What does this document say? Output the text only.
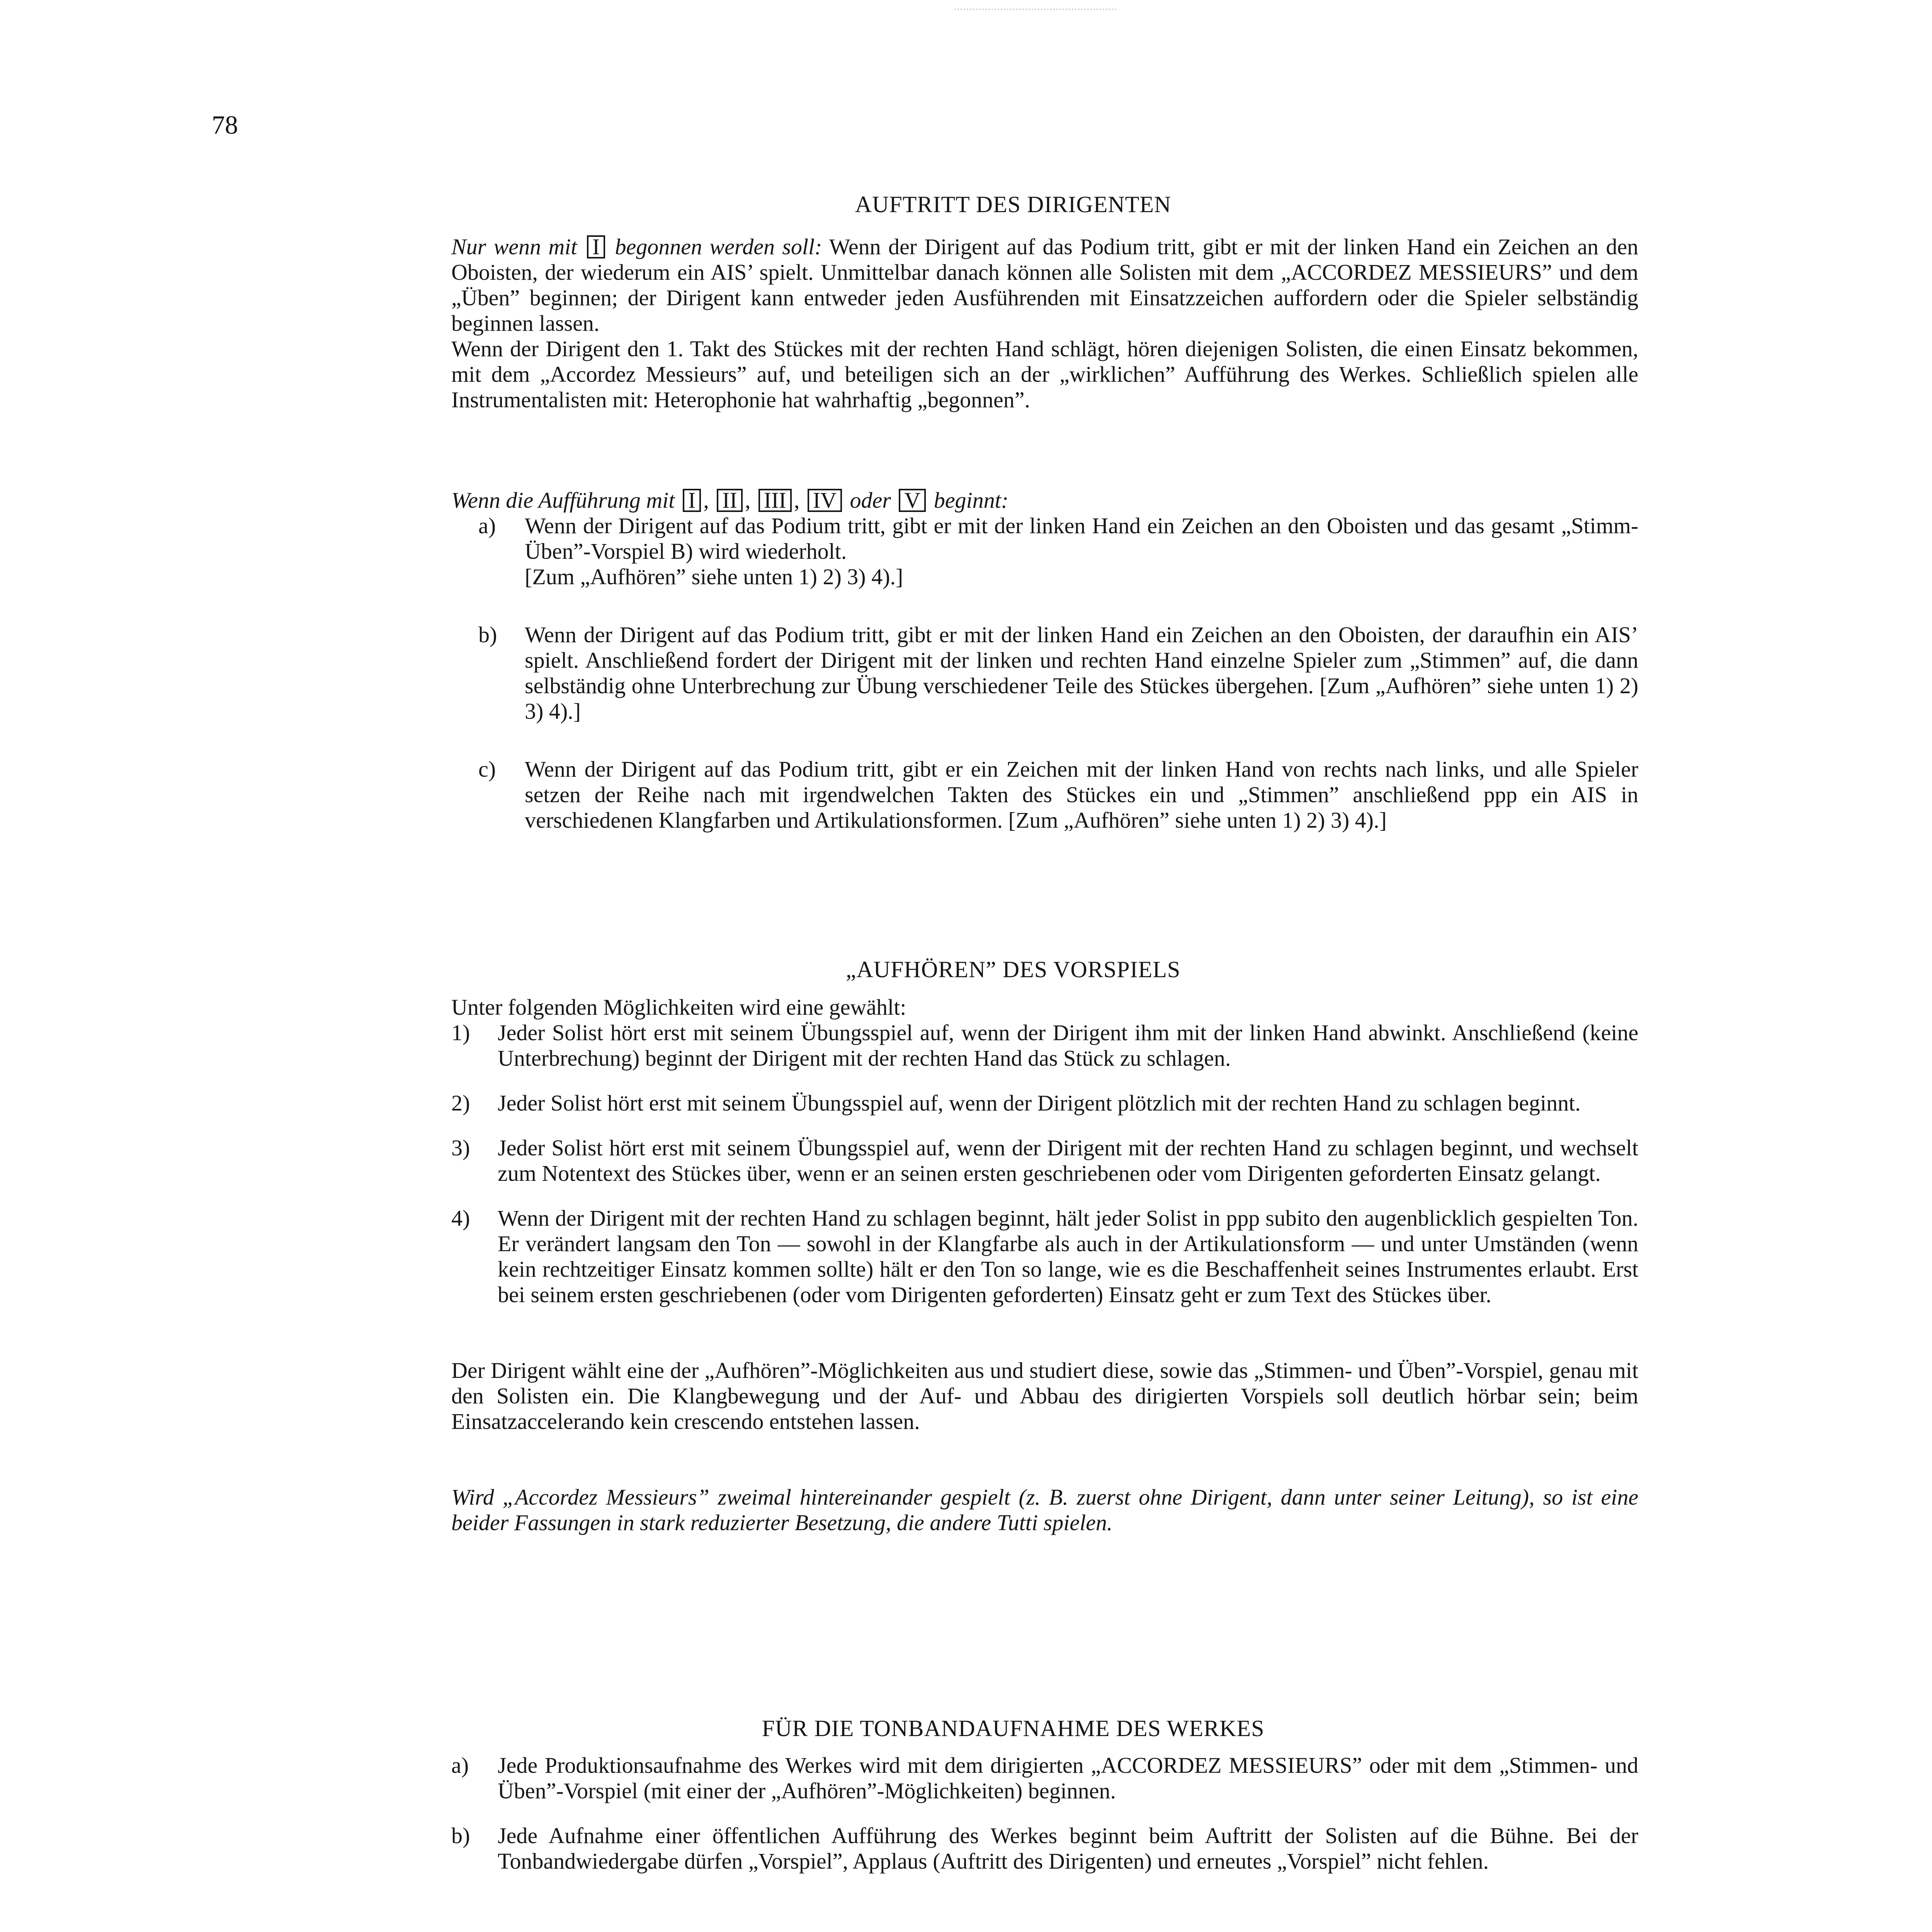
78
AUFTRITT DES DIRIGENTEN

Nur wenn mit I begonnen werden soll: Wenn der Dirigent auf das Podium tritt, gibt er mit der linken Hand ein Zeichen an den Oboisten, der wiederum ein AIS’ spielt. Unmittelbar danach können alle Solisten mit dem „ACCORDEZ MESSIEURS” und dem „Üben” beginnen; der Dirigent kann entweder jeden Ausführenden mit Einsatzzeichen auffordern oder die Spieler selbständig beginnen lassen.

Wenn der Dirigent den 1. Takt des Stückes mit der rechten Hand schlägt, hören diejenigen Solisten, die einen Einsatz bekommen, mit dem „Accordez Messieurs” auf, und beteiligen sich an der „wirklichen” Aufführung des Werkes. Schließlich spielen alle Instrumentalisten mit: Heterophonie hat wahrhaftig „begonnen”.

Wenn die Aufführung mit I , II , III , IV oder V beginnt:

a) Wenn der Dirigent auf das Podium tritt, gibt er mit der linken Hand ein Zeichen an den Oboisten und das gesamt „Stimm-Üben”-Vorspiel B) wird wiederholt.

[Zum „Aufhören” siehe unten 1) 2) 3) 4).]

b) Wenn der Dirigent auf das Podium tritt, gibt er mit der linken Hand ein Zeichen an den Oboisten, der daraufhin ein AIS’ spielt. Anschließend fordert der Dirigent mit der linken und rechten Hand einzelne Spieler zum „Stimmen” auf, die dann selbständig ohne Unterbrechung zur Übung verschiedener Teile des Stückes übergehen. [Zum „Aufhören” siehe unten 1) 2) 3) 4).]

c) Wenn der Dirigent auf das Podium tritt, gibt er ein Zeichen mit der linken Hand von rechts nach links, und alle Spieler setzen der Reihe nach mit irgendwelchen Takten des Stückes ein und „Stimmen” anschließend ppp ein AIS in verschiedenen Klangfarben und Artikulationsformen. [Zum „Aufhören” siehe unten 1) 2) 3) 4).]

„AUFHÖREN” DES VORSPIELS

Unter folgenden Möglichkeiten wird eine gewählt:

1) Jeder Solist hört erst mit seinem Übungsspiel auf, wenn der Dirigent ihm mit der linken Hand abwinkt. Anschließend (keine Unterbrechung) beginnt der Dirigent mit der rechten Hand das Stück zu schlagen.

2) Jeder Solist hört erst mit seinem Übungsspiel auf, wenn der Dirigent plötzlich mit der rechten Hand zu schlagen beginnt.

3) Jeder Solist hört erst mit seinem Übungsspiel auf, wenn der Dirigent mit der rechten Hand zu schlagen beginnt, und wechselt zum Notentext des Stückes über, wenn er an seinen ersten geschriebenen oder vom Dirigenten geforderten Einsatz gelangt.

4) Wenn der Dirigent mit der rechten Hand zu schlagen beginnt, hält jeder Solist in ppp subito den augenblicklich gespielten Ton. Er verändert langsam den Ton — sowohl in der Klangfarbe als auch in der Artikulationsform — und unter Umständen (wenn kein rechtzeitiger Einsatz kommen sollte) hält er den Ton so lange, wie es die Beschaffenheit seines Instrumentes erlaubt. Erst bei seinem ersten geschriebenen (oder vom Dirigenten geforderten) Einsatz geht er zum Text des Stückes über.

Der Dirigent wählt eine der „Aufhören”-Möglichkeiten aus und studiert diese, sowie das „Stimmen- und Üben”-Vorspiel, genau mit den Solisten ein. Die Klangbewegung und der Auf- und Abbau des dirigierten Vorspiels soll deutlich hörbar sein; beim Einsatzaccelerando kein crescendo entstehen lassen.

Wird „Accordez Messieurs” zweimal hintereinander gespielt (z. B. zuerst ohne Dirigent, dann unter seiner Leitung), so ist eine beider Fassungen in stark reduzierter Besetzung, die andere Tutti spielen.

FÜR DIE TONBANDAUFNAHME DES WERKES
a) Jede Produktionsaufnahme des Werkes wird mit dem dirigierten „ACCORDEZ MESSIEURS” oder mit dem „Stimmen- und Üben”-Vorspiel (mit einer der „Aufhören”-Möglichkeiten) beginnen.

b) Jede Aufnahme einer öffentlichen Aufführung des Werkes beginnt beim Auftritt der Solisten auf die Bühne. Bei der Tonbandwiedergabe dürfen „Vorspiel”, Applaus (Auftritt des Dirigenten) und erneutes „Vorspiel” nicht fehlen.
